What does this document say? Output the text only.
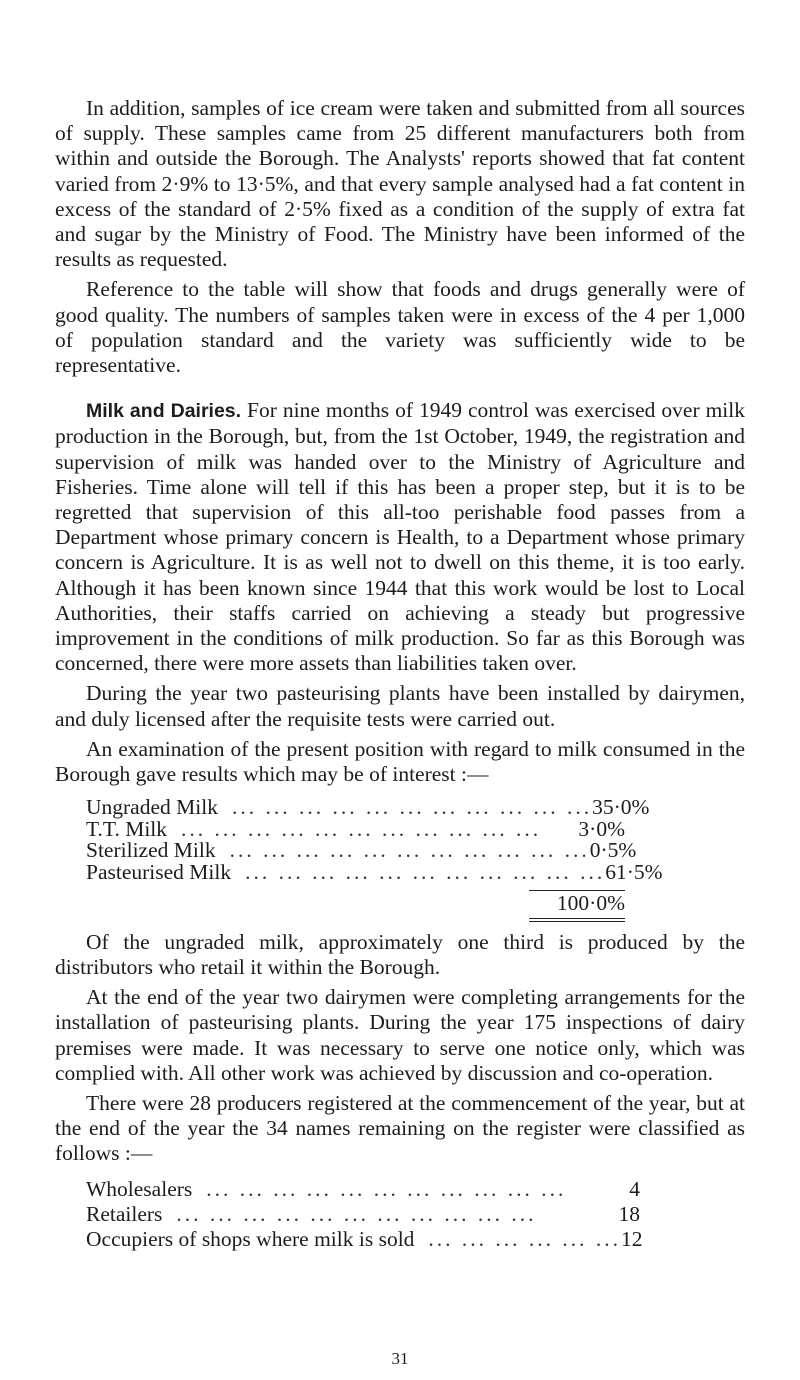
In addition, samples of ice cream were taken and submitted from all sources of supply. These samples came from 25 different manufacturers both from within and outside the Borough. The Analysts' reports showed that fat content varied from 2·9% to 13·5%, and that every sample analysed had a fat content in excess of the standard of 2·5% fixed as a condition of the supply of extra fat and sugar by the Ministry of Food. The Ministry have been informed of the results as requested.

Reference to the table will show that foods and drugs generally were of good quality. The numbers of samples taken were in excess of the 4 per 1,000 of population standard and the variety was sufficiently wide to be representative.

Milk and Dairies. For nine months of 1949 control was exercised over milk production in the Borough, but, from the 1st October, 1949, the registration and supervision of milk was handed over to the Ministry of Agriculture and Fisheries. Time alone will tell if this has been a proper step, but it is to be regretted that supervision of this all-too perishable food passes from a Department whose primary concern is Health, to a Department whose primary concern is Agriculture. It is as well not to dwell on this theme, it is too early. Although it has been known since 1944 that this work would be lost to Local Authorities, their staffs carried on achieving a steady but progressive improvement in the conditions of milk production. So far as this Borough was concerned, there were more assets than liabilities taken over.

During the year two pasteurising plants have been installed by dairymen, and duly licensed after the requisite tests were carried out.

An examination of the present position with regard to milk consumed in the Borough gave results which may be of interest :—

Ungraded Milk ... ... ... ... ... ... ... ... ... ... ... 35·0%
T.T. Milk ... ... ... ... ... ... ... ... ... ... ...	3·0%
Sterilized Milk ... ... ... ... ... ... ... ... ... ... ... 0·5%
Pasteurised Milk ... ... ... ... ... ... ... ... ... ... ... 61·5%
100·0%

Of the ungraded milk, approximately one third is produced by the distributors who retail it within the Borough.

At the end of the year two dairymen were completing arrangements for the installation of pasteurising plants. During the year 175 inspections of dairy premises were made. It was necessary to serve one notice only, which was complied with. All other work was achieved by discussion and co-operation.

There were 28 producers registered at the commencement of the year, but at the end of the year the 34 names remaining on the register were classified as follows :—

Wholesalers ... ... ... ... ... ... ... ... ... ... ...	4
Retailers ... ... ... ... ... ... ... ... ... ... ...	18
Occupiers of shops where milk is sold ... ... ... ... ... ... 12
31
